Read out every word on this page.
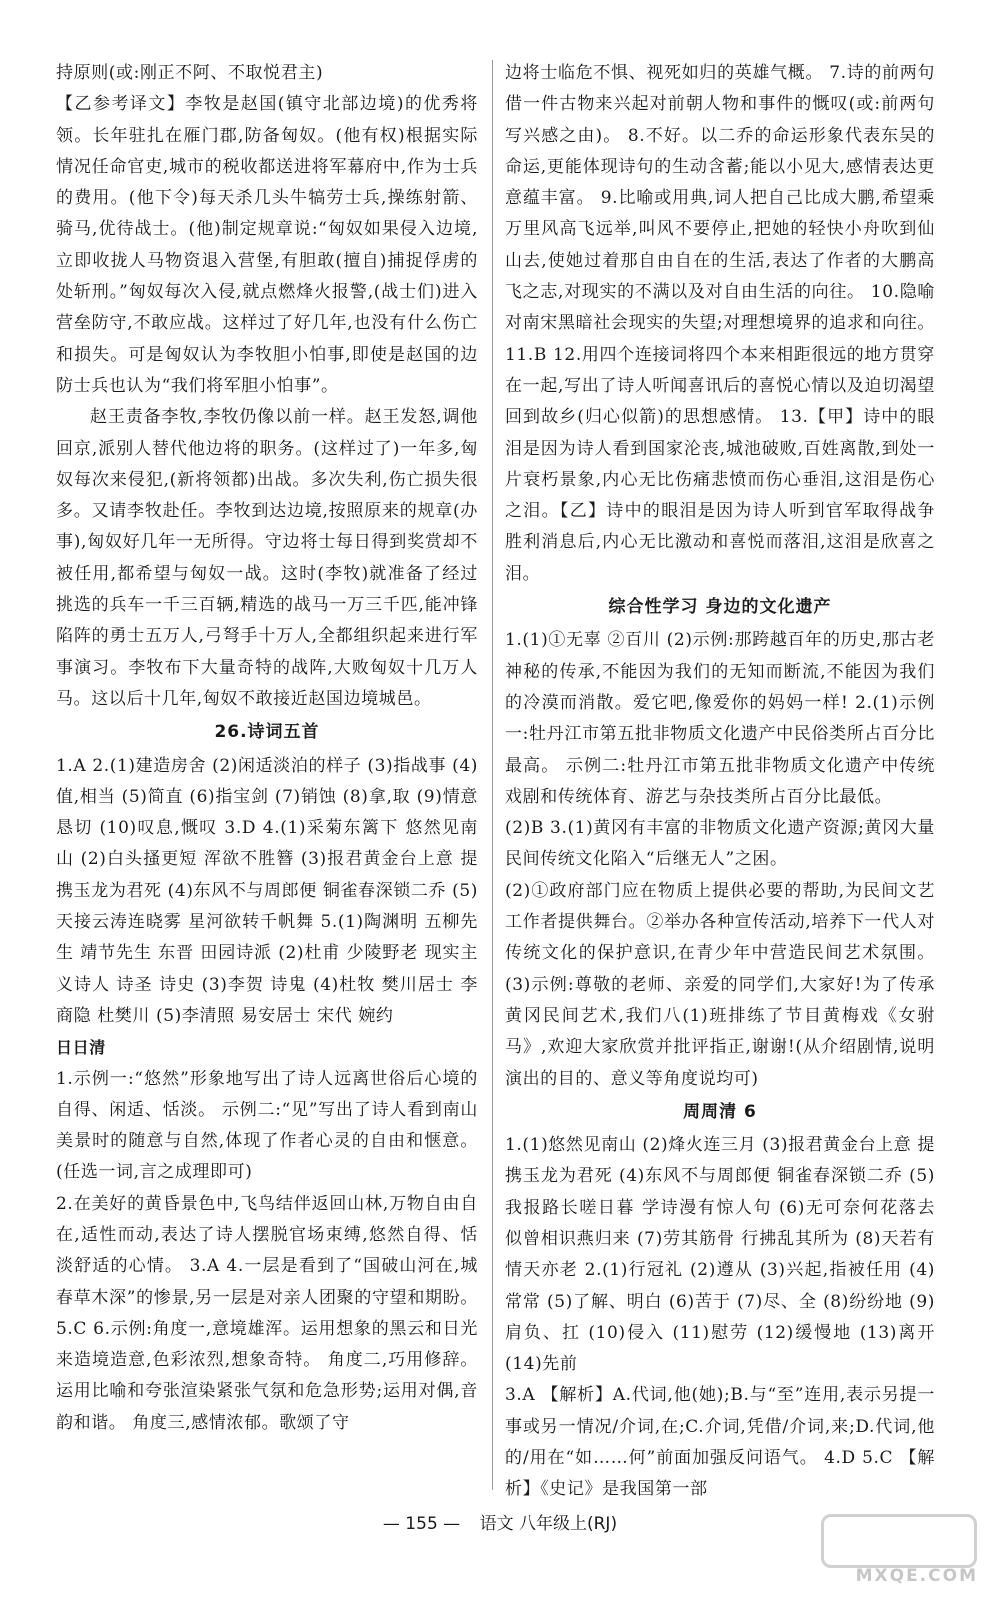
持原则(或:刚正不阿、不取悦君主)

【乙参考译文】李牧是赵国(镇守北部边境)的优秀将领。长年驻扎在雁门郡,防备匈奴。(他有权)根据实际情况任命官吏,城市的税收都送进将军幕府中,作为士兵的费用。(他下令)每天杀几头牛犒劳士兵,操练射箭、骑马,优待战士。(他)制定规章说:“匈奴如果侵入边境,立即收拢人马物资退入营堡,有胆敢(擅自)捕捉俘虏的处斩刑。”匈奴每次入侵,就点燃烽火报警,(战士们)进入营垒防守,不敢应战。这样过了好几年,也没有什么伤亡和损失。可是匈奴认为李牧胆小怕事,即使是赵国的边防士兵也认为“我们将军胆小怕事”。

赵王责备李牧,李牧仍像以前一样。赵王发怒,调他回京,派别人替代他边将的职务。(这样过了)一年多,匈奴每次来侵犯,(新将领都)出战。多次失利,伤亡损失很多。又请李牧赴任。李牧到达边境,按照原来的规章(办事),匈奴好几年一无所得。守边将士每日得到奖赏却不被任用,都希望与匈奴一战。这时(李牧)就准备了经过挑选的兵车一千三百辆,精选的战马一万三千匹,能冲锋陷阵的勇士五万人,弓弩手十万人,全都组织起来进行军事演习。李牧布下大量奇特的战阵,大败匈奴十几万人马。这以后十几年,匈奴不敢接近赵国边境城邑。

26.诗词五首

1.A 2.(1)建造房舍 (2)闲适淡泊的样子 (3)指战事 (4)值,相当 (5)简直 (6)指宝剑 (7)销蚀 (8)拿,取 (9)情意恳切 (10)叹息,慨叹 3.D 4.(1)采菊东篱下 悠然见南山 (2)白头搔更短 浑欲不胜簪 (3)报君黄金台上意 提携玉龙为君死 (4)东风不与周郎便 铜雀春深锁二乔 (5)天接云涛连晓雾 星河欲转千帆舞 5.(1)陶渊明 五柳先生 靖节先生 东晋 田园诗派 (2)杜甫 少陵野老 现实主义诗人 诗圣 诗史 (3)李贺 诗鬼 (4)杜牧 樊川居士 李商隐 杜樊川 (5)李清照 易安居士 宋代 婉约

日日清

1.示例一:“悠然”形象地写出了诗人远离世俗后心境的自得、闲适、恬淡。 示例二:“见”写出了诗人看到南山美景时的随意与自然,体现了作者心灵的自由和惬意。(任选一词,言之成理即可)

2.在美好的黄昏景色中,飞鸟结伴返回山林,万物自由自在,适性而动,表达了诗人摆脱官场束缚,悠然自得、恬淡舒适的心情。 3.A 4.一层是看到了“国破山河在,城春草木深”的惨景,另一层是对亲人团聚的守望和期盼。 5.C 6.示例:角度一,意境雄浑。运用想象的黑云和日光来造境造意,色彩浓烈,想象奇特。 角度二,巧用修辞。运用比喻和夸张渲染紧张气氛和危急形势;运用对偶,音韵和谐。 角度三,感情浓郁。歌颂了守

边将士临危不惧、视死如归的英雄气概。 7.诗的前两句借一件古物来兴起对前朝人物和事件的慨叹(或:前两句写兴感之由)。 8.不好。以二乔的命运形象代表东吴的命运,更能体现诗句的生动含蓄;能以小见大,感情表达更意蕴丰富。 9.比喻或用典,词人把自己比成大鹏,希望乘万里风高飞远举,叫风不要停止,把她的轻快小舟吹到仙山去,使她过着那自由自在的生活,表达了作者的大鹏高飞之志,对现实的不满以及对自由生活的向往。 10.隐喻对南宋黑暗社会现实的失望;对理想境界的追求和向往。 11.B 12.用四个连接词将四个本来相距很远的地方贯穿在一起,写出了诗人听闻喜讯后的喜悦心情以及迫切渴望回到故乡(归心似箭)的思想感情。 13.【甲】诗中的眼泪是因为诗人看到国家沦丧,城池破败,百姓离散,到处一片衰朽景象,内心无比伤痛悲愤而伤心垂泪,这泪是伤心之泪。【乙】诗中的眼泪是因为诗人听到官军取得战争胜利消息后,内心无比激动和喜悦而落泪,这泪是欣喜之泪。

综合性学习 身边的文化遗产

1.(1)①无辜 ②百川 (2)示例:那跨越百年的历史,那古老神秘的传承,不能因为我们的无知而断流,不能因为我们的冷漠而消散。爱它吧,像爱你的妈妈一样! 2.(1)示例一:牡丹江市第五批非物质文化遗产中民俗类所占百分比最高。 示例二:牡丹江市第五批非物质文化遗产中传统戏剧和传统体育、游艺与杂技类所占百分比最低。

(2)B 3.(1)黄冈有丰富的非物质文化遗产资源;黄冈大量民间传统文化陷入“后继无人”之困。

(2)①政府部门应在物质上提供必要的帮助,为民间文艺工作者提供舞台。②举办各种宣传活动,培养下一代人对传统文化的保护意识,在青少年中营造民间艺术氛围。 (3)示例:尊敬的老师、亲爱的同学们,大家好!为了传承黄冈民间艺术,我们八(1)班排练了节目黄梅戏《女驸马》,欢迎大家欣赏并批评指正,谢谢!(从介绍剧情,说明演出的目的、意义等角度说均可)

周周清 6

1.(1)悠然见南山 (2)烽火连三月 (3)报君黄金台上意 提携玉龙为君死 (4)东风不与周郎便 铜雀春深锁二乔 (5)我报路长嗟日暮 学诗漫有惊人句 (6)无可奈何花落去 似曾相识燕归来 (7)劳其筋骨 行拂乱其所为 (8)天若有情天亦老 2.(1)行冠礼 (2)遵从 (3)兴起,指被任用 (4)常常 (5)了解、明白 (6)苦于 (7)尽、全 (8)纷纷地 (9)肩负、扛 (10)侵入 (11)慰劳 (12)缓慢地 (13)离开 (14)先前

3.A 【解析】A.代词,他(她);B.与“至”连用,表示另提一事或另一情况/介词,在;C.介词,凭借/介词,来;D.代词,他的/用在“如……何”前面加强反问语气。 4.D 5.C 【解析】《史记》是我国第一部

— 155 — 语文 八年级上(RJ)
MXQE.COM
